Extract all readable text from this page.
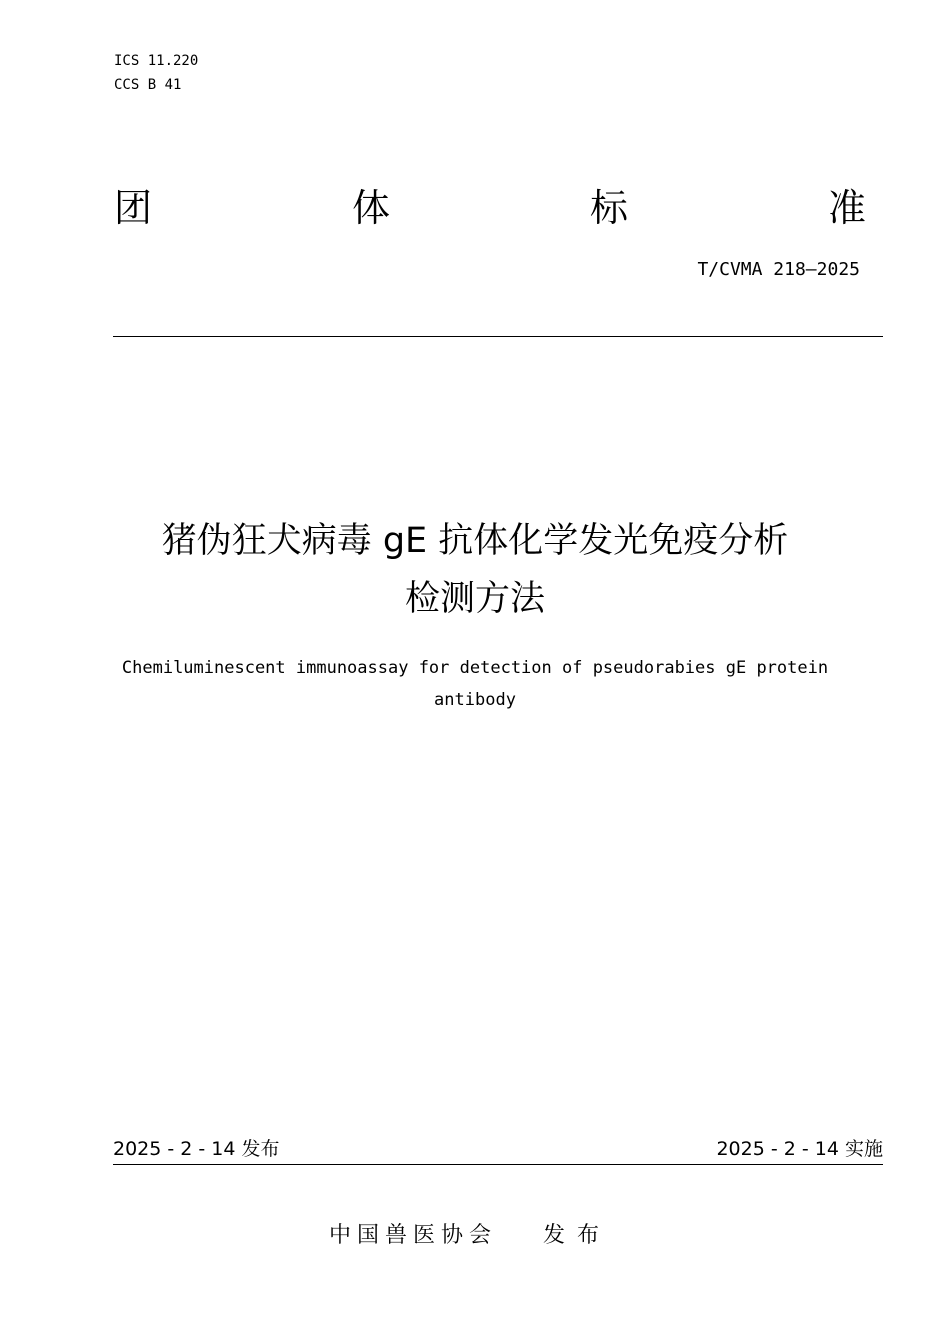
ICS 11.220
CCS B 41
团	体	标	准
T/CVMA 218—2025
猪伪狂犬病毒 gE 抗体化学发光免疫分析
检测方法
Chemiluminescent immunoassay for detection of pseudorabies gE protein
antibody
2025 - 2 - 14 发布	2025 - 2 - 14 实施
中国兽医协会 发布
